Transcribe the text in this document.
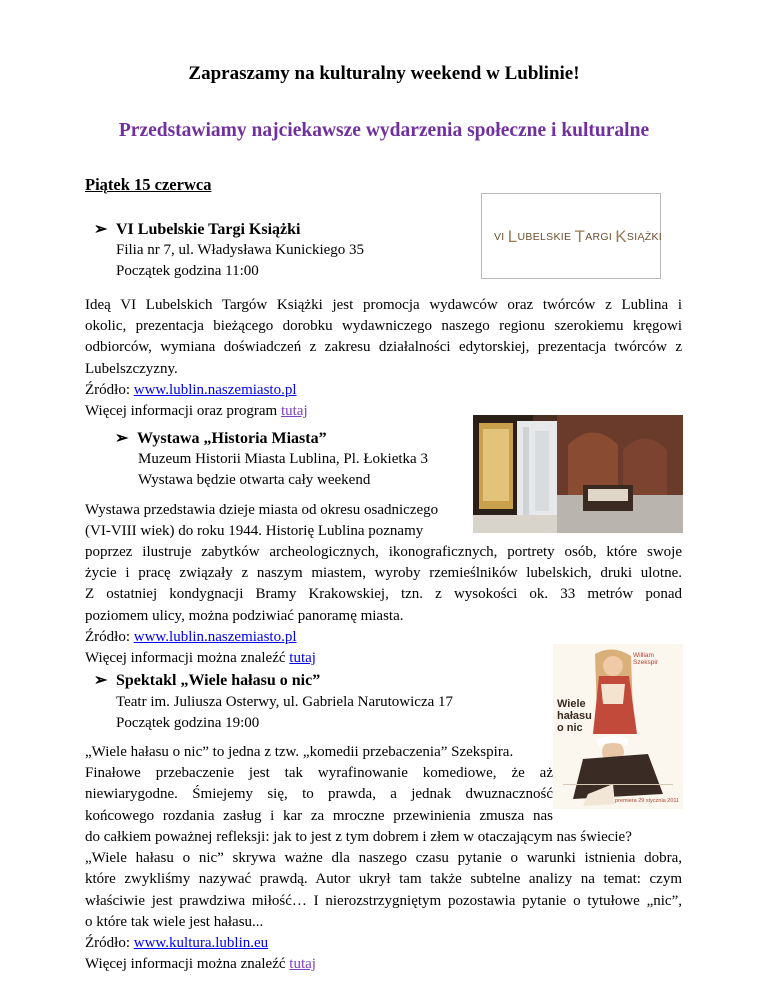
Zapraszamy na kulturalny weekend w Lublinie!
Przedstawiamy najciekawsze wydarzenia społeczne i kulturalne
Piątek 15 czerwca
➢ VI Lubelskie Targi Książki
Filia nr 7, ul. Władysława Kunickiego 35
Początek godzina 11:00
VI LUBELSKIE TARGI KSIĄŻKI
Ideą VI Lubelskich Targów Książki jest promocja wydawców oraz twórców z Lublina i
okolic, prezentacja bieżącego dorobku wydawniczego naszego regionu szerokiemu kręgowi
odbiorców, wymiana doświadczeń z zakresu działalności edytorskiej, prezentacja twórców z
Lubelszczyzny.
Źródło: www.lublin.naszemiasto.pl
Więcej informacji oraz program tutaj
➢ Wystawa „Historia Miasta”
Muzeum Historii Miasta Lublina, Pl. Łokietka 3
Wystawa będzie otwarta cały weekend
Wystawa przedstawia dzieje miasta od okresu osadniczego
(VI-VIII wiek) do roku 1944. Historię Lublina poznamy
poprzez ilustruje zabytków archeologicznych, ikonograficznych, portrety osób, które swoje
życie i pracę związały z naszym miastem, wyroby rzemieślników lubelskich, druki ulotne.
Z ostatniej kondygnacji Bramy Krakowskiej, tzn. z wysokości ok. 33 metrów ponad
poziomem ulicy, można podziwiać panoramę miasta.
Źródło: www.lublin.naszemiasto.pl
Więcej informacji można znaleźć tutaj
➢ Spektakl „Wiele hałasu o nic”
Teatr im. Juliusza Osterwy, ul. Gabriela Narutowicza 17
Początek godzina 19:00
William
Szekspir
Wiele
hałasu
o nic
premiera 29 stycznia 2011
„Wiele hałasu o nic” to jedna z tzw. „komedii przebaczenia” Szekspira.
Finałowe przebaczenie jest tak wyrafinowanie komediowe, że aż
niewiarygodne. Śmiejemy się, to prawda, a jednak dwuznaczność
końcowego rozdania zasług i kar za mroczne przewinienia zmusza nas
do całkiem poważnej refleksji: jak to jest z tym dobrem i złem w otaczającym nas świecie?
„Wiele hałasu o nic” skrywa ważne dla naszego czasu pytanie o warunki istnienia dobra,
które zwykliśmy nazywać prawdą. Autor ukrył tam także subtelne analizy na temat: czym
właściwie jest prawdziwa miłość… I nierozstrzygniętym pozostawia pytanie o tytułowe „nic”,
o które tak wiele jest hałasu...
Źródło: www.kultura.lublin.eu
Więcej informacji można znaleźć tutaj
